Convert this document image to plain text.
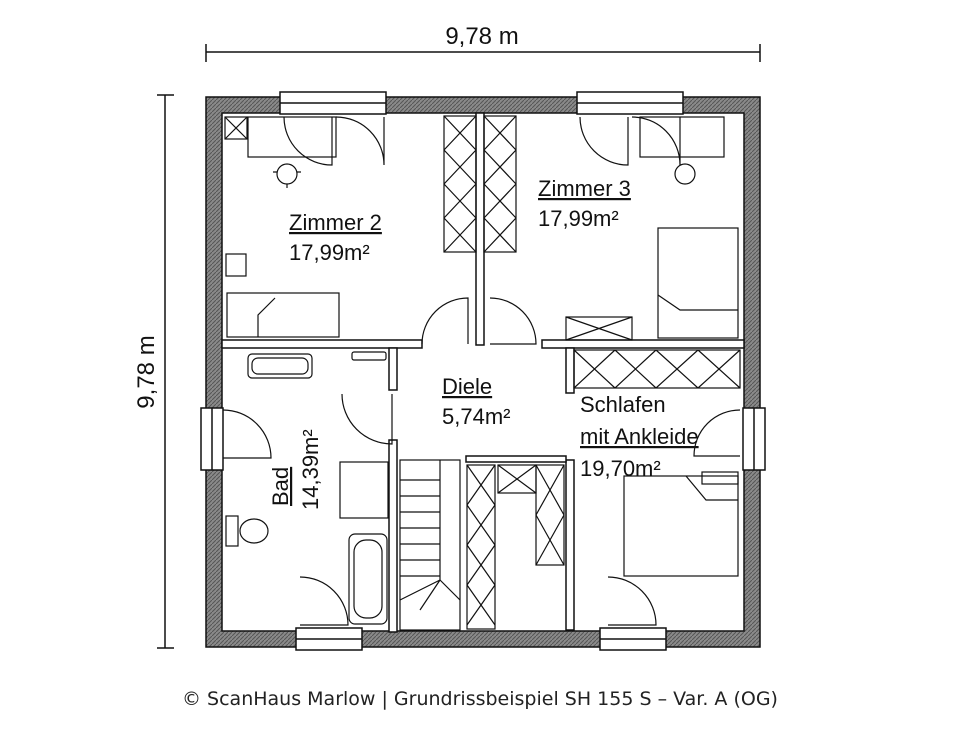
9,78 m
9,78 m
Zimmer 2
17,99m²
Zimmer 3
17,99m²
Diele
5,74m²	Schlafen
mit Ankleide
19,70m²
Bad 14,39m²
© ScanHaus Marlow | Grundrissbeispiel SH 155 S – Var. A (OG)
